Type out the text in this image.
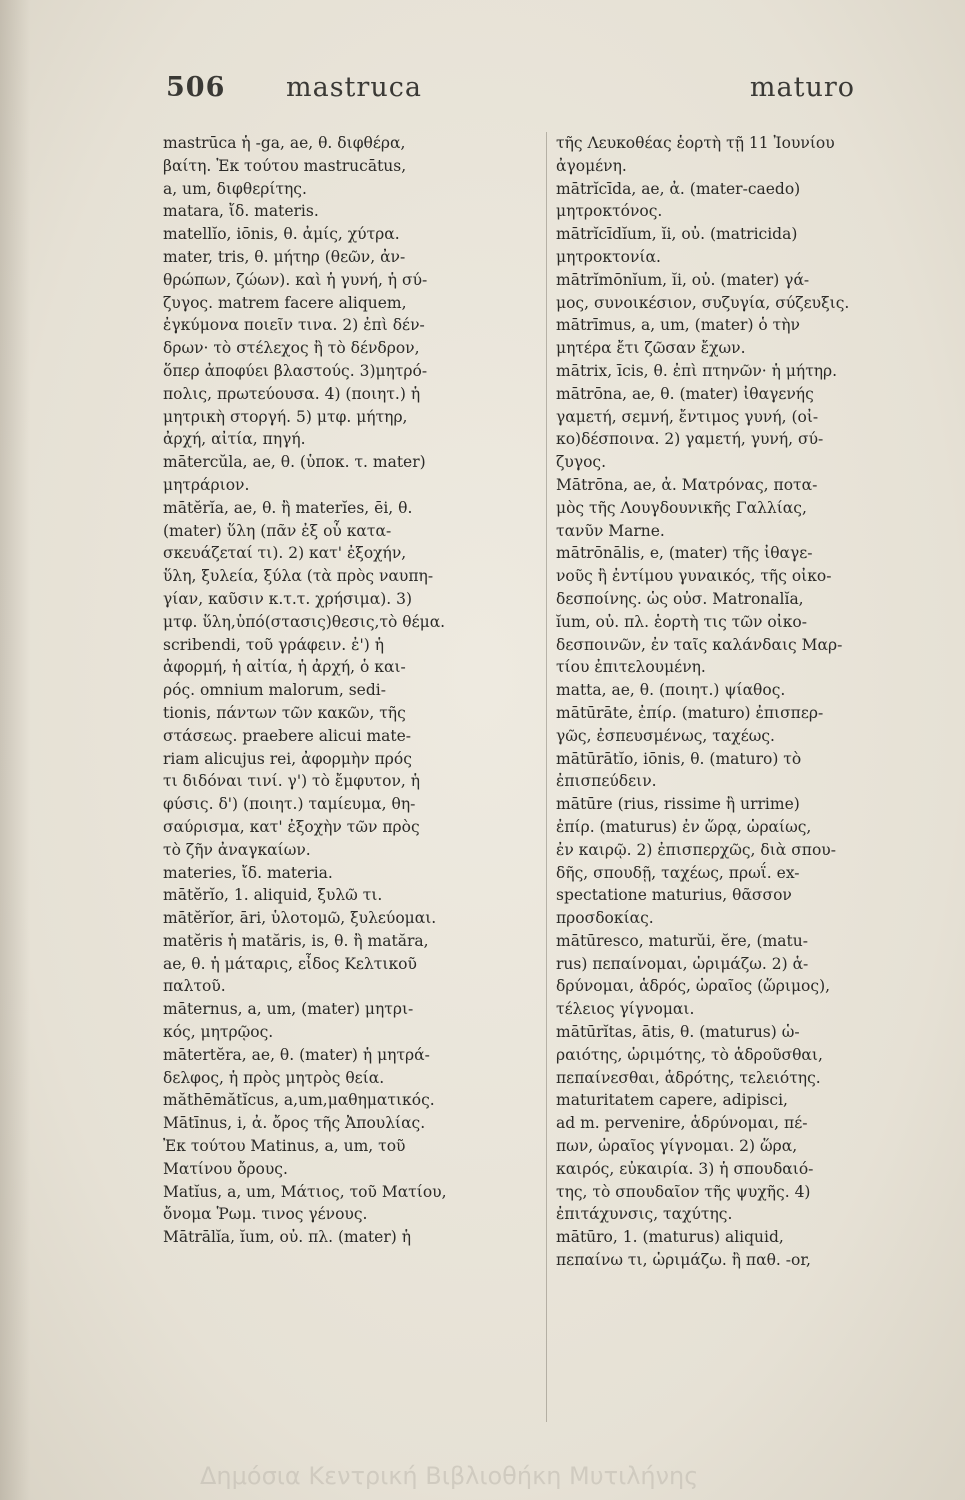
506 mastruca	maturo
mastrūca ἡ -ga, ae, θ. διφθέρα,
βαίτη. Ἐκ τούτου mastrucātus,
a, um, διφθερίτης.
matara, ἴδ. materis.
matellĭo, iōnis, θ. ἀμίς, χύτρα.
mater, tris, θ. μήτηρ (θεῶν, ἀν-
θρώπων, ζώων). καὶ ἡ γυνή, ἡ σύ-
ζυγος. matrem facere aliquem,
ἐγκύμονα ποιεῖν τινα. 2) ἐπὶ δέν-
δρων· τὸ στέλεχος ἢ τὸ δένδρον,
ὅπερ ἀποφύει βλαστούς. 3)μητρό-
πολις, πρωτεύουσα. 4) (ποιητ.) ἡ
μητρικὴ στοργή. 5) μτφ. μήτηρ,
ἀρχή, αἰτία, πηγή.
mātercŭla, ae, θ. (ὑποκ. τ. mater)
μητράριον.
mātĕrĭa, ae, θ. ἢ materĭes, ēi, θ.
(mater) ὕλη (πᾶν ἐξ οὗ κατα-
σκευάζεταί τι). 2) κατ' ἐξοχήν,
ὕλη, ξυλεία, ξύλα (τὰ πρὸς ναυπη-
γίαν, καῦσιν κ.τ.τ. χρήσιμα). 3)
μτφ. ὕλη,ὑπό(στασις)θεσις,τὸ θέμα.
scribendi, τοῦ γράφειν. ἐ') ἡ
ἀφορμή, ἡ αἰτία, ἡ ἀρχή, ὁ και-
ρός. omnium malorum, sedi-
tionis, πάντων τῶν κακῶν, τῆς
στάσεως. praebere alicui mate-
riam alicujus rei, ἀφορμὴν πρός
τι διδόναι τινί. γ') τὸ ἔμφυτον, ἡ
φύσις. δ') (ποιητ.) ταμίευμα, θη-
σαύρισμα, κατ' ἐξοχὴν τῶν πρὸς
τὸ ζῆν ἀναγκαίων.
materies, ἴδ. materia.
mātĕrĭo, 1. aliquid, ξυλῶ τι.
mātĕrĭor, āri, ὑλοτομῶ, ξυλεύομαι.
matĕris ἡ matăris, is, θ. ἢ matăra,
ae, θ. ἡ μάταρις, εἶδος Κελτικοῦ
παλτοῦ.
māternus, a, um, (mater) μητρι-
κός, μητρῷος.
mātertĕra, ae, θ. (mater) ἡ μητρά-
δελφος, ἡ πρὸς μητρὸς θεία.
măthēmătĭcus, a,um,μαθηματικός.
Mātīnus, i, ἀ. ὄρος τῆς Ἀπουλίας.
Ἐκ τούτου Matinus, a, um, τοῦ
Ματίνου ὄρους.
Matĭus, a, um, Μάτιος, τοῦ Ματίου,
ὄνομα Ῥωμ. τινος γένους.
Mātrālĭa, ĭum, οὐ. πλ. (mater) ἡ
τῆς Λευκοθέας ἑορτὴ τῇ 11 Ἰουνίου
ἀγομένη.
mātrĭcīda, ae, ἀ. (mater-caedo)
μητροκτόνος.
mātrĭcīdĭum, ĭi, οὐ. (matricida)
μητροκτονία.
mātrĭmōnĭum, ĭi, οὐ. (mater) γά-
μος, συνοικέσιον, συζυγία, σύζευξις.
mātrīmus, a, um, (mater) ὁ τὴν
μητέρα ἔτι ζῶσαν ἔχων.
mātrix, īcis, θ. ἐπὶ πτηνῶν· ἡ μήτηρ.
mātrōna, ae, θ. (mater) ἰθαγενής
γαμετή, σεμνή, ἔντιμος γυνή, (οἰ-
κο)δέσποινα. 2) γαμετή, γυνή, σύ-
ζυγος.
Mātrōna, ae, ἀ. Ματρόνας, ποτα-
μὸς τῆς Λουγδουνικῆς Γαλλίας,
τανῦν Marne.
mātrōnālis, e, (mater) τῆς ἰθαγε-
νοῦς ἢ ἐντίμου γυναικός, τῆς οἰκο-
δεσποίνης. ὡς οὐσ. Matronalĭa,
ĭum, οὐ. πλ. ἑορτὴ τις τῶν οἰκο-
δεσποινῶν, ἐν ταῖς καλάνδαις Μαρ-
τίου ἐπιτελουμένη.
matta, ae, θ. (ποιητ.) ψίαθος.
mātūrāte, ἐπίρ. (maturo) ἐπισπερ-
γῶς, ἐσπευσμένως, ταχέως.
mātūrātĭo, iōnis, θ. (maturo) τὸ
ἐπισπεύδειν.
mātūre (rius, rissime ἢ urrime)
ἐπίρ. (maturus) ἐν ὥρᾳ, ὡραίως,
ἐν καιρῷ. 2) ἐπισπερχῶς, διὰ σπου-
δῆς, σπουδῇ, ταχέως, πρωΐ. ex-
spectatione maturius, θᾶσσον
προσδοκίας.
mātūresco, maturŭi, ĕre, (matu-
rus) πεπαίνομαι, ὡριμάζω. 2) ἁ-
δρύνομαι, ἁδρός, ὡραῖος (ὥριμος),
τέλειος γίγνομαι.
mātūrĭtas, ātis, θ. (maturus) ὡ-
ραιότης, ὡριμότης, τὸ ἁδροῦσθαι,
πεπαίνεσθαι, ἁδρότης, τελειότης.
maturitatem capere, adipisci,
ad m. pervenire, ἁδρύνομαι, πέ-
πων, ὡραῖος γίγνομαι. 2) ὥρα,
καιρός, εὐκαιρία. 3) ἡ σπουδαιό-
της, τὸ σπουδαῖον τῆς ψυχῆς. 4)
ἐπιτάχυνσις, ταχύτης.
mātūro, 1. (maturus) aliquid,
πεπαίνω τι, ὡριμάζω. ἢ παθ. -or,
Δημόσια Κεντρική Βιβλιοθήκη Μυτιλήνης
